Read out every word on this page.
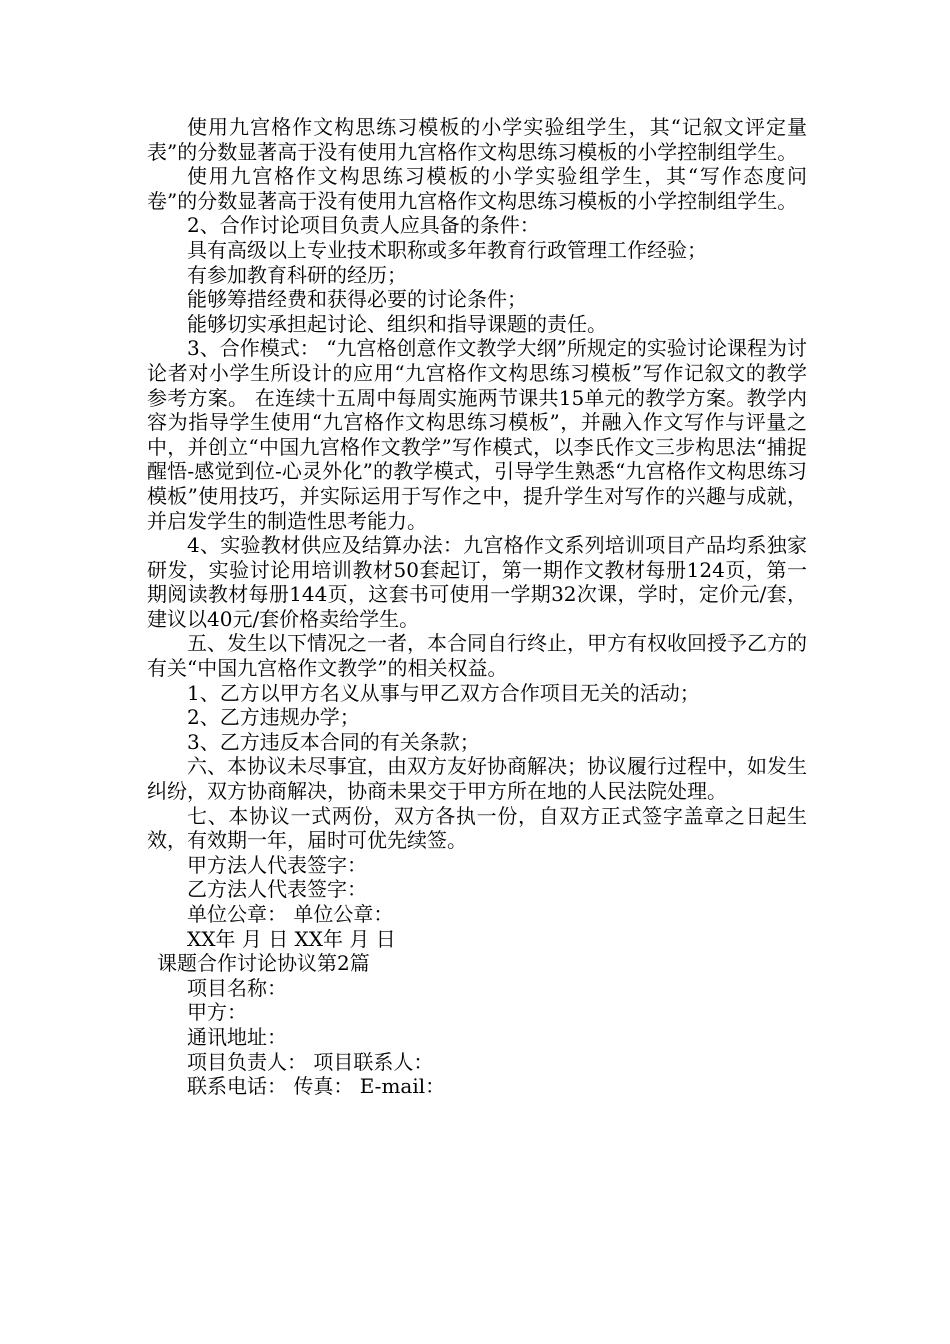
使用九宫格作文构思练习模板的小学实验组学生，其“记叙文评定量表”的分数显著高于没有使用九宫格作文构思练习模板的小学控制组学生。

使用九宫格作文构思练习模板的小学实验组学生，其“写作态度问卷”的分数显著高于没有使用九宫格作文构思练习模板的小学控制组学生。

2、合作讨论项目负责人应具备的条件：

具有高级以上专业技术职称或多年教育行政管理工作经验；

有参加教育科研的经历；

能够筹措经费和获得必要的讨论条件；

能够切实承担起讨论、组织和指导课题的责任。

3、合作模式： “九宫格创意作文教学大纲”所规定的实验讨论课程为讨论者对小学生所设计的应用“九宫格作文构思练习模板”写作记叙文的教学参考方案。 在连续十五周中每周实施两节课共15单元的教学方案。教学内容为指导学生使用“九宫格作文构思练习模板”，并融入作文写作与评量之中，并创立“中国九宫格作文教学”写作模式，以李氏作文三步构思法“捕捉醒悟-感觉到位-心灵外化”的教学模式，引导学生熟悉“九宫格作文构思练习模板”使用技巧，并实际运用于写作之中，提升学生对写作的兴趣与成就，并启发学生的制造性思考能力。

4、实验教材供应及结算办法：九宫格作文系列培训项目产品均系独家研发，实验讨论用培训教材50套起订，第一期作文教材每册124页，第一期阅读教材每册144页，这套书可使用一学期32次课，学时，定价元/套，建议以40元/套价格卖给学生。

五、发生以下情况之一者，本合同自行终止，甲方有权收回授予乙方的有关“中国九宫格作文教学”的相关权益。

1、乙方以甲方名义从事与甲乙双方合作项目无关的活动；

2、乙方违规办学；

3、乙方违反本合同的有关条款；

六、本协议未尽事宜，由双方友好协商解决；协议履行过程中，如发生纠纷，双方协商解决，协商未果交于甲方所在地的人民法院处理。

七、本协议一式两份，双方各执一份，自双方正式签字盖章之日起生效，有效期一年，届时可优先续签。

甲方法人代表签字：

乙方法人代表签字：

单位公章： 单位公章：

XX年 月 日 XX年 月 日

课题合作讨论协议第2篇

项目名称：

甲方：

通讯地址：

项目负责人： 项目联系人：

联系电话： 传真： E-mail：
